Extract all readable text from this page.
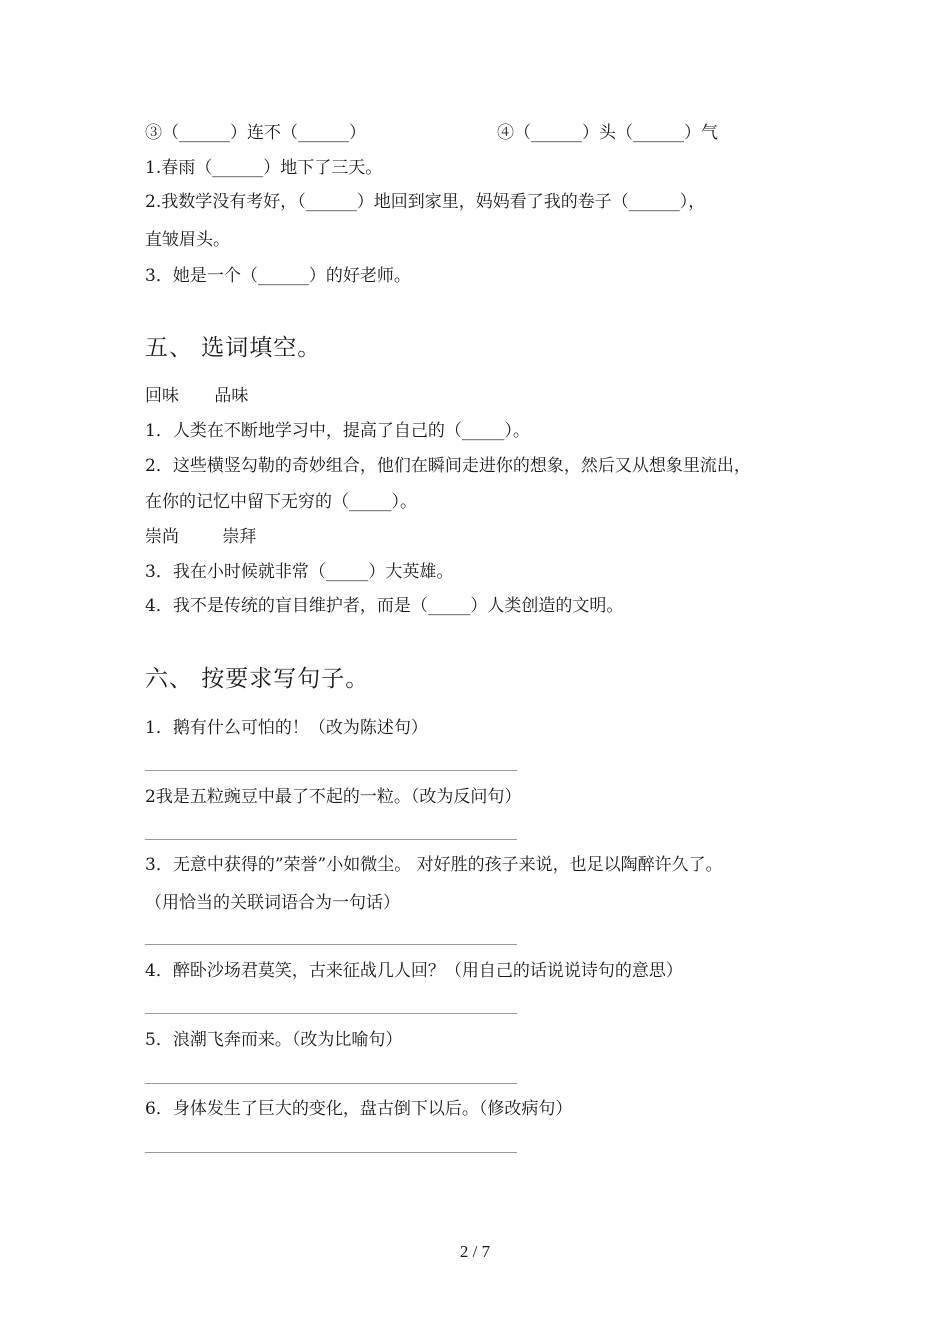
③（______）连不（______）	④（______）头（______）气
1.春雨（______）地下了三天。
2.我数学没有考好，（______）地回到家里，妈妈看了我的卷子（______），
直皱眉头。
3．她是一个（______）的好老师。
五、 选词填空。
回味 品味
1．人类在不断地学习中，提高了自己的（_____）。
2．这些横竖勾勒的奇妙组合，他们在瞬间走进你的想象，然后又从想象里流出，
在你的记忆中留下无穷的（_____）。
崇尚 崇拜
3．我在小时候就非常（_____）大英雄。
4．我不是传统的盲目维护者，而是（_____）人类创造的文明。
六、 按要求写句子。
1．鹅有什么可怕的！（改为陈述句）
2我是五粒豌豆中最了不起的一粒。（改为反问句）
3．无意中获得的”荣誉”小如微尘。 对好胜的孩子来说，也足以陶醉许久了。
（用恰当的关联词语合为一句话）
4．醉卧沙场君莫笑，古来征战几人回？（用自己的话说说诗句的意思）
5．浪潮飞奔而来。（改为比喻句）
6．身体发生了巨大的变化，盘古倒下以后。（修改病句）
2 / 7
